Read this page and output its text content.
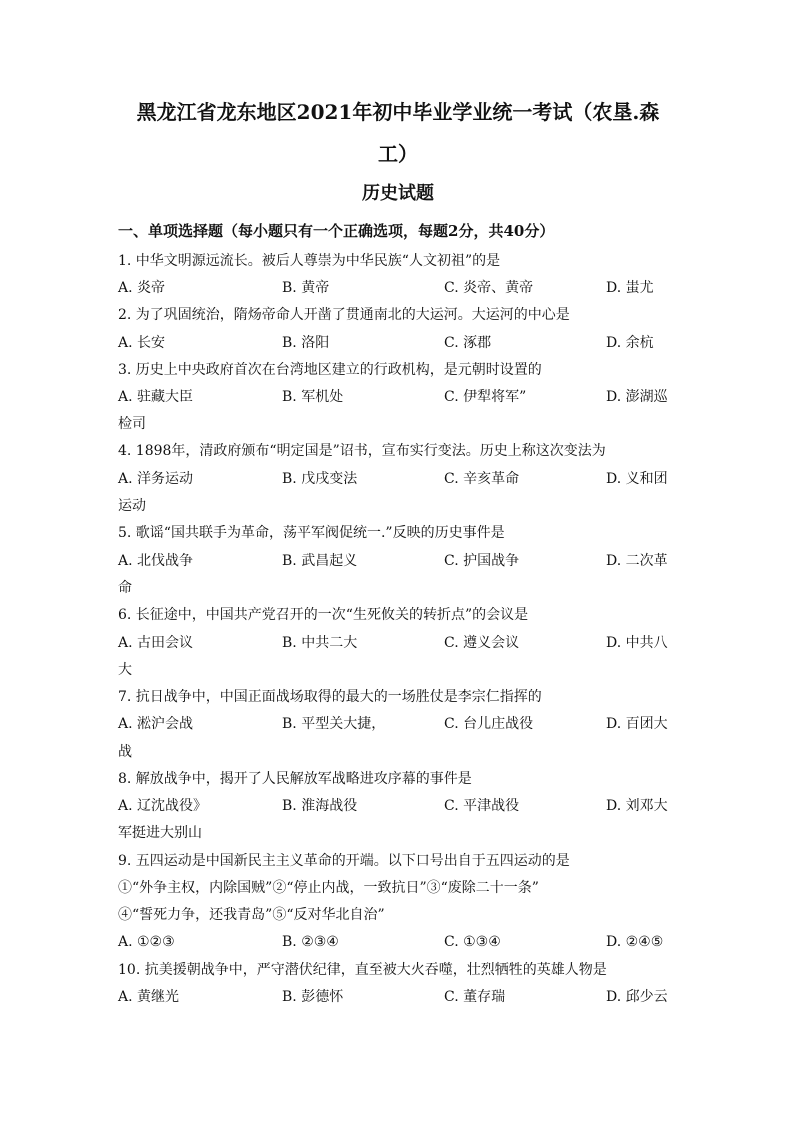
黑龙江省龙东地区2021年初中毕业学业统一考试（农垦.森
工）
历史试题
一、单项选择题（每小题只有一个正确选项，每题2分，共40分）
1. 中华文明源远流长。被后人尊崇为中华民族“人文初祖”的是
A. 炎帝	B. 黄帝	C. 炎帝、黄帝	D. 蚩尤
2. 为了巩固统治，隋炀帝命人开凿了贯通南北的大运河。大运河的中心是
A. 长安	B. 洛阳	C. 涿郡	D. 余杭
3. 历史上中央政府首次在台湾地区建立的行政机构，是元朝时设置的
A. 驻藏大臣	B. 军机处	C. 伊犁将军”	D. 澎湖巡
检司
4. 1898年，清政府颁布“明定国是”诏书，宣布实行变法。历史上称这次变法为
A. 洋务运动	B. 戊戌变法	C. 辛亥革命	D. 义和团
运动
5. 歌谣“国共联手为革命，荡平军阀促统一.”反映的历史事件是
A. 北伐战争	B. 武昌起义	C. 护国战争	D. 二次革
命
6. 长征途中，中国共产党召开的一次“生死攸关的转折点”的会议是
A. 古田会议	B. 中共二大	C. 遵义会议	D. 中共八
大
7. 抗日战争中，中国正面战场取得的最大的一场胜仗是李宗仁指挥的
A. 淞沪会战	B. 平型关大捷，	C. 台儿庄战役	D. 百团大
战
8. 解放战争中，揭开了人民解放军战略进攻序幕的事件是
A. 辽沈战役》	B. 淮海战役	C. 平津战役	D. 刘邓大
军挺进大别山
9. 五四运动是中国新民主主义革命的开端。以下口号出自于五四运动的是
①“外争主权，内除国贼”②“停止内战，一致抗日”③“废除二十一条”
④“誓死力争，还我青岛”⑤“反对华北自治”
A. ①②③	B. ②③④	C. ①③④	D. ②④⑤
10. 抗美援朝战争中，严守潜伏纪律，直至被大火吞噬，壮烈牺牲的英雄人物是
A. 黄继光	B. 彭德怀	C. 董存瑞	D. 邱少云
